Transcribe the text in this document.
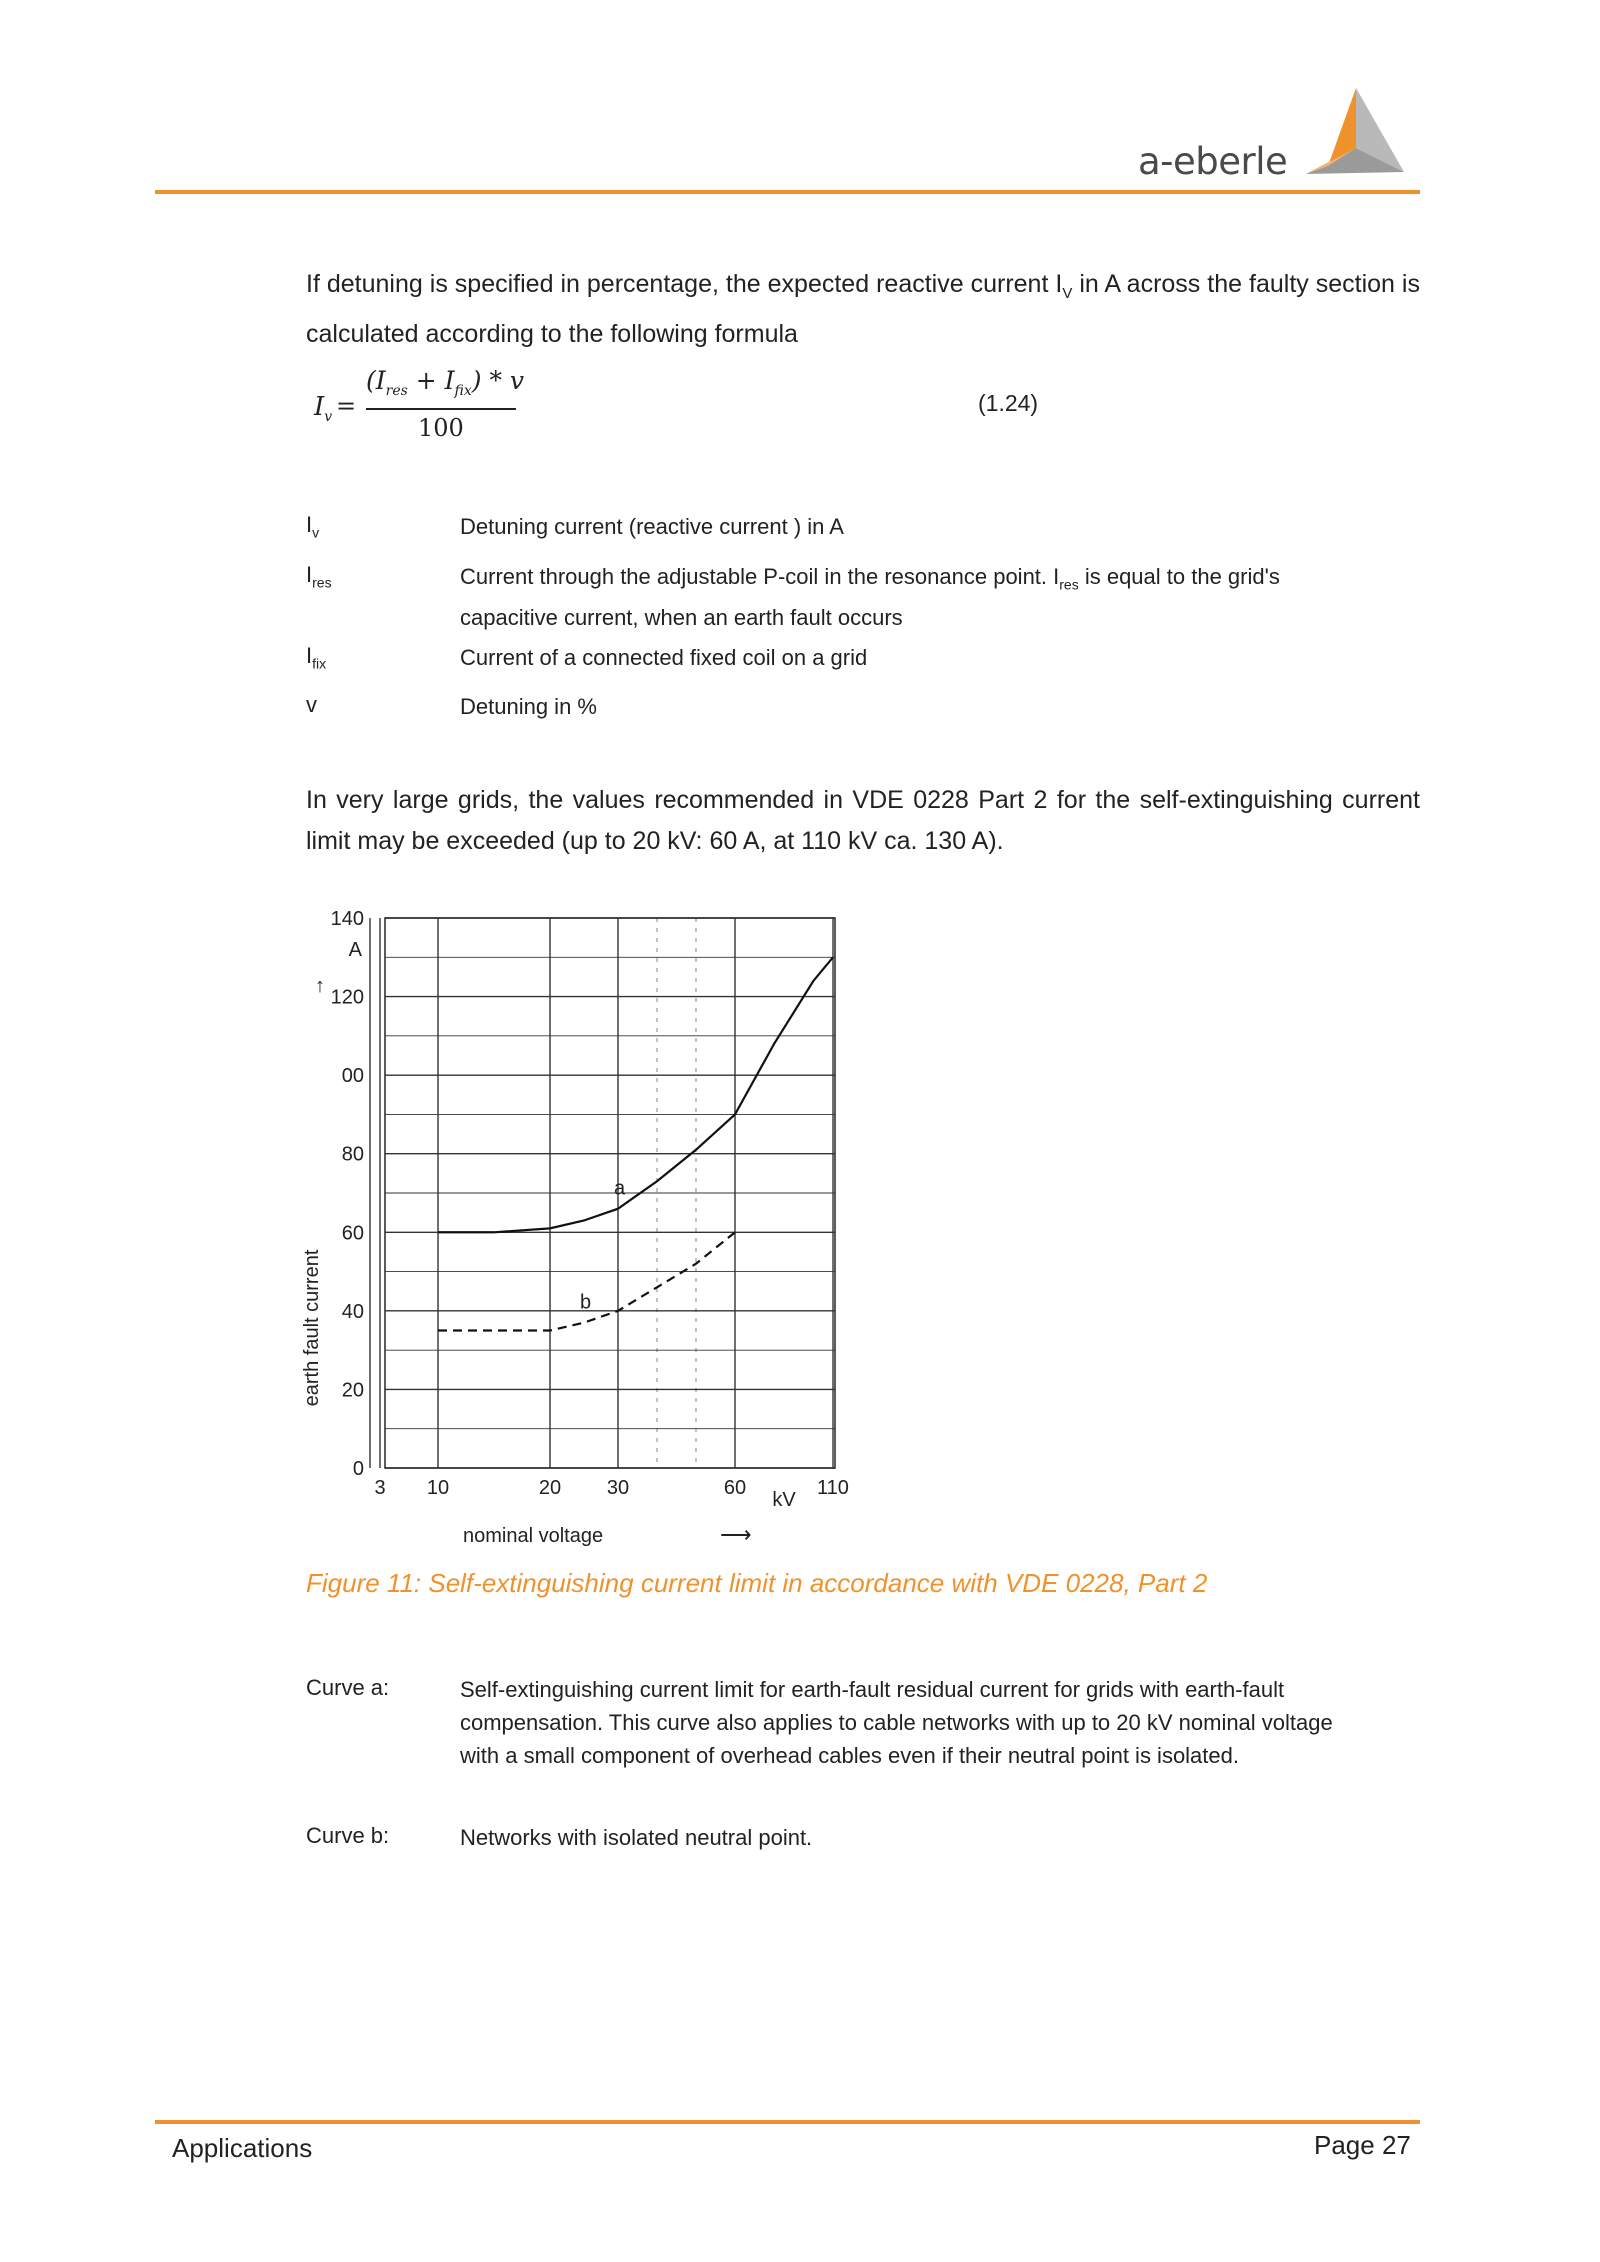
a-eberle
If detuning is specified in percentage, the expected reactive current $I_V$ in A across the faulty section is calculated according to the following formula
$I_v$ =
$(I_{res} + I_{fix}) * v$
100
(1.24)
$I_v$	Detuning current (reactive current ) in A
$I_{res}$	Current through the adjustable P-coil in the resonance point. $I_{res}$ is equal to the grid's capacitive current, when an earth fault occurs
$I_{fix}$	Current of a connected fixed coil on a grid
v	Detuning in %
In very large grids, the values recommended in VDE 0228 Part 2 for the self-extinguishing current limit may be exceeded (up to 20 kV: 60 A, at 110 kV ca. 130 A).
0
20
40
60
80
00
120
140
3 10	20 30	60	110
a
b
A
↑
earth fault current
kV
nominal voltage	⟶
Figure 11: Self-extinguishing current limit in accordance with VDE 0228, Part 2
Curve a:	Self-extinguishing current limit for earth-fault residual current for grids with earth-fault compensation. This curve also applies to cable networks with up to 20 kV nominal voltage with a small component of overhead cables even if their neutral point is isolated.
Curve b:	Networks with isolated neutral point.
Applications	Page 27
